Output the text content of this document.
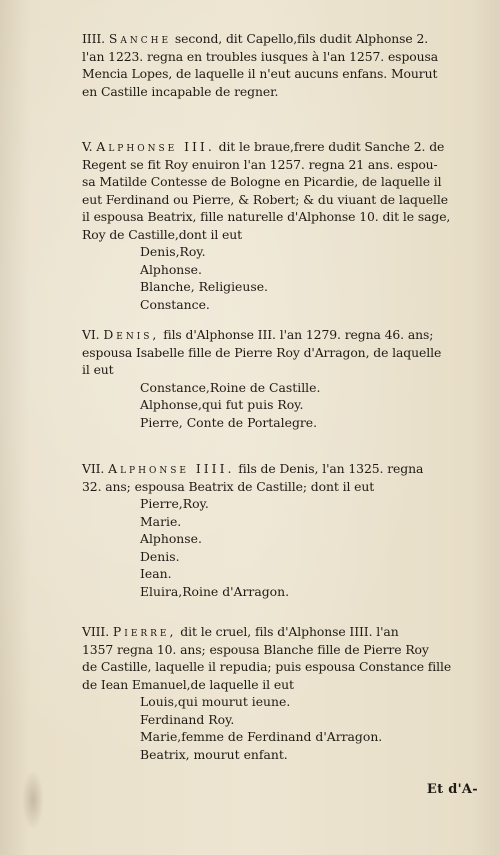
IIII. Sanche second, dit Capello,fils dudit Alphonse 2.
l'an 1223. regna en troubles iusques à l'an 1257. espousa
Mencia Lopes, de laquelle il n'eut aucuns enfans. Mourut
en Castille incapable de regner.
V. Alphonse III. dit le braue,frere dudit Sanche 2. de
Regent se fit Roy enuiron l'an 1257. regna 21 ans. espou-
sa Matilde Contesse de Bologne en Picardie, de laquelle il
eut Ferdinand ou Pierre, & Robert; & du viuant de laquelle
il espousa Beatrix, fille naturelle d'Alphonse 10. dit le sage,
Roy de Castille,dont il eut
Denis,Roy.
Alphonse.
Blanche, Religieuse.
Constance.
VI. Denis, fils d'Alphonse III. l'an 1279. regna 46. ans;
espousa Isabelle fille de Pierre Roy d'Arragon, de laquelle
il eut
Constance,Roine de Castille.
Alphonse,qui fut puis Roy.
Pierre, Conte de Portalegre.
VII. Alphonse IIII. fils de Denis, l'an 1325. regna
32. ans; espousa Beatrix de Castille; dont il eut
Pierre,Roy.
Marie.
Alphonse.
Denis.
Iean.
Eluira,Roine d'Arragon.
VIII. Pierre, dit le cruel, fils d'Alphonse IIII. l'an
1357 regna 10. ans; espousa Blanche fille de Pierre Roy
de Castille, laquelle il repudia; puis espousa Constance fille
de Iean Emanuel,de laquelle il eut
Louis,qui mourut ieune.
Ferdinand Roy.
Marie,femme de Ferdinand d'Arragon.
Beatrix, mourut enfant.
Et d'A-
